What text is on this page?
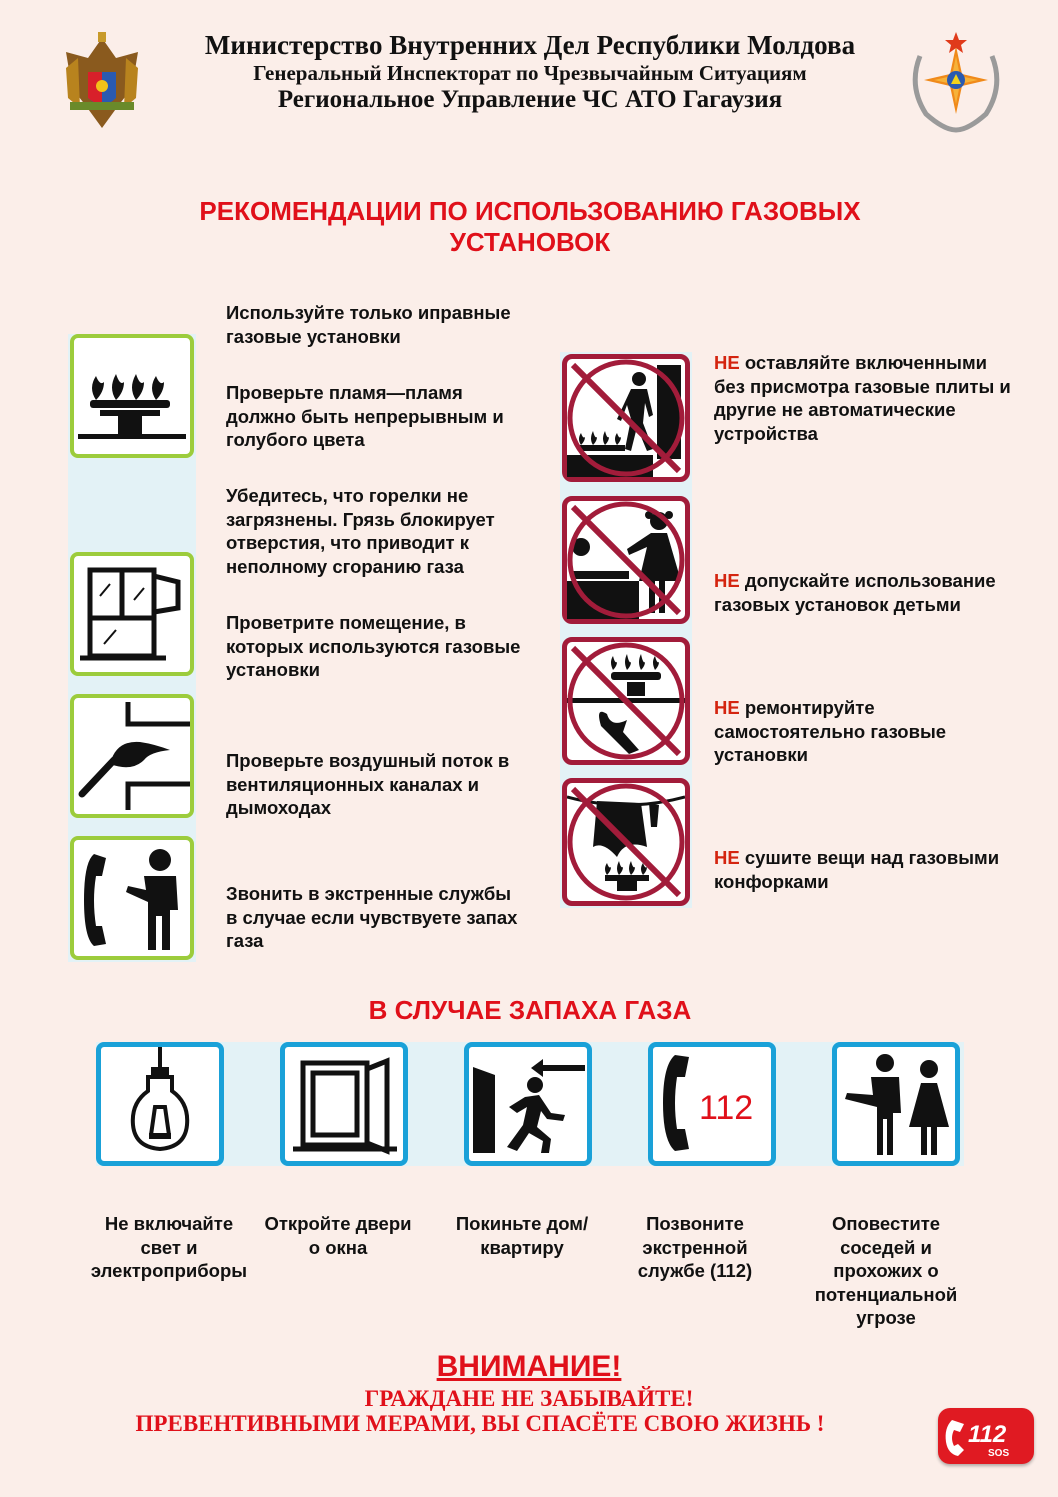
Министерство Внутренних Дел Республики Молдова
Генеральный Инспекторат по Чрезвычайным Ситуациям
Региональное Управление ЧС АТО Гагаузия
РЕКОМЕНДАЦИИ ПО ИСПОЛЬЗОВАНИЮ ГАЗОВЫХ
УСТАНОВОК
Используйте только иправные газовые установки
Проверьте пламя—пламя должно быть непрерывным и голубого цвета
Убедитесь, что горелки не загрязнены. Грязь блокирует отверстия, что приводит к неполному сгоранию газа
Проветрите помещение, в которых используются газовые установки
Проверьте воздушный поток в вентиляционных каналах и дымоходах
Звонить в экстренные службы в случае если чувствуете запах газа
НЕ оставляйте включенными без присмотра газовые плиты и другие не автоматические устройства
НЕ допускайте использование газовых установок детьми
НЕ ремонтируйте самостоятельно газовые установки
НЕ сушите вещи над газовыми конфорками
В СЛУЧАЕ ЗАПАХА ГАЗА
112
Не включайте свет и электроприборы
Откройте двери о окна
Покиньте дом/квартиру
Позвоните экстренной службе (112)
Оповестите соседей и прохожих о потенциальной угрозе
ВНИМАНИЕ!
ГРАЖДАНЕ НЕ ЗАБЫВАЙТЕ!
ПРЕВЕНТИВНЫМИ МЕРАМИ, ВЫ СПАСЁТЕ СВОЮ ЖИЗНЬ !	112
SOS
